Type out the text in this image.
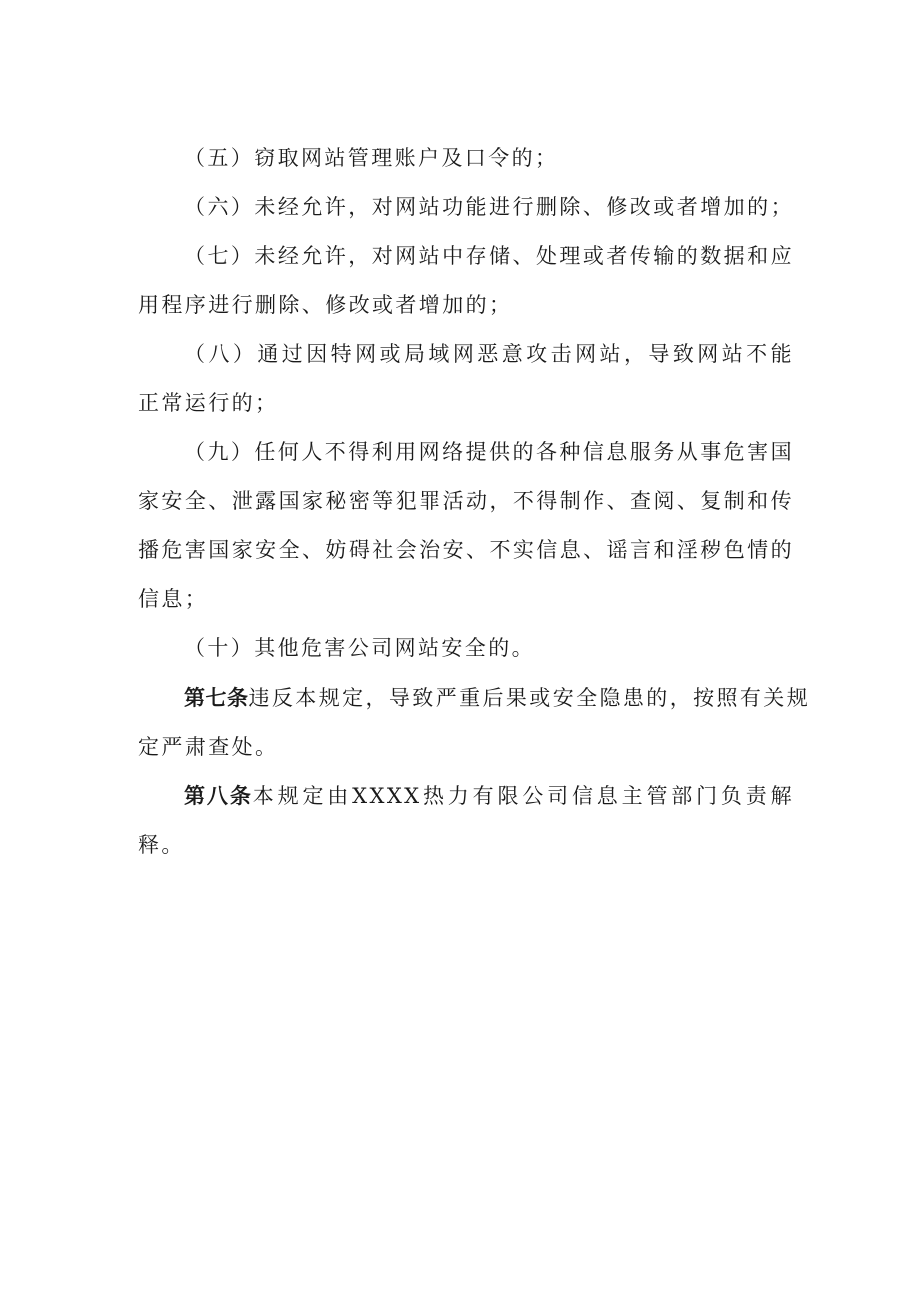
（五）窃取网站管理账户及口令的；
（六）未经允许，对网站功能进行删除、修改或者增加的；
（七）未经允许，对网站中存储、处理或者传输的数据和应
用程序进行删除、修改或者增加的；
（八）通过因特网或局域网恶意攻击网站，导致网站不能
正常运行的；
（九）任何人不得利用网络提供的各种信息服务从事危害国
家安全、泄露国家秘密等犯罪活动，不得制作、查阅、复制和传
播危害国家安全、妨碍社会治安、不实信息、谣言和淫秽色情的
信息；
（十）其他危害公司网站安全的。
第七条违反本规定，导致严重后果或安全隐患的，按照有关规
定严肃查处。
第八条本规定由XXXX热力有限公司信息主管部门负责解
释。
